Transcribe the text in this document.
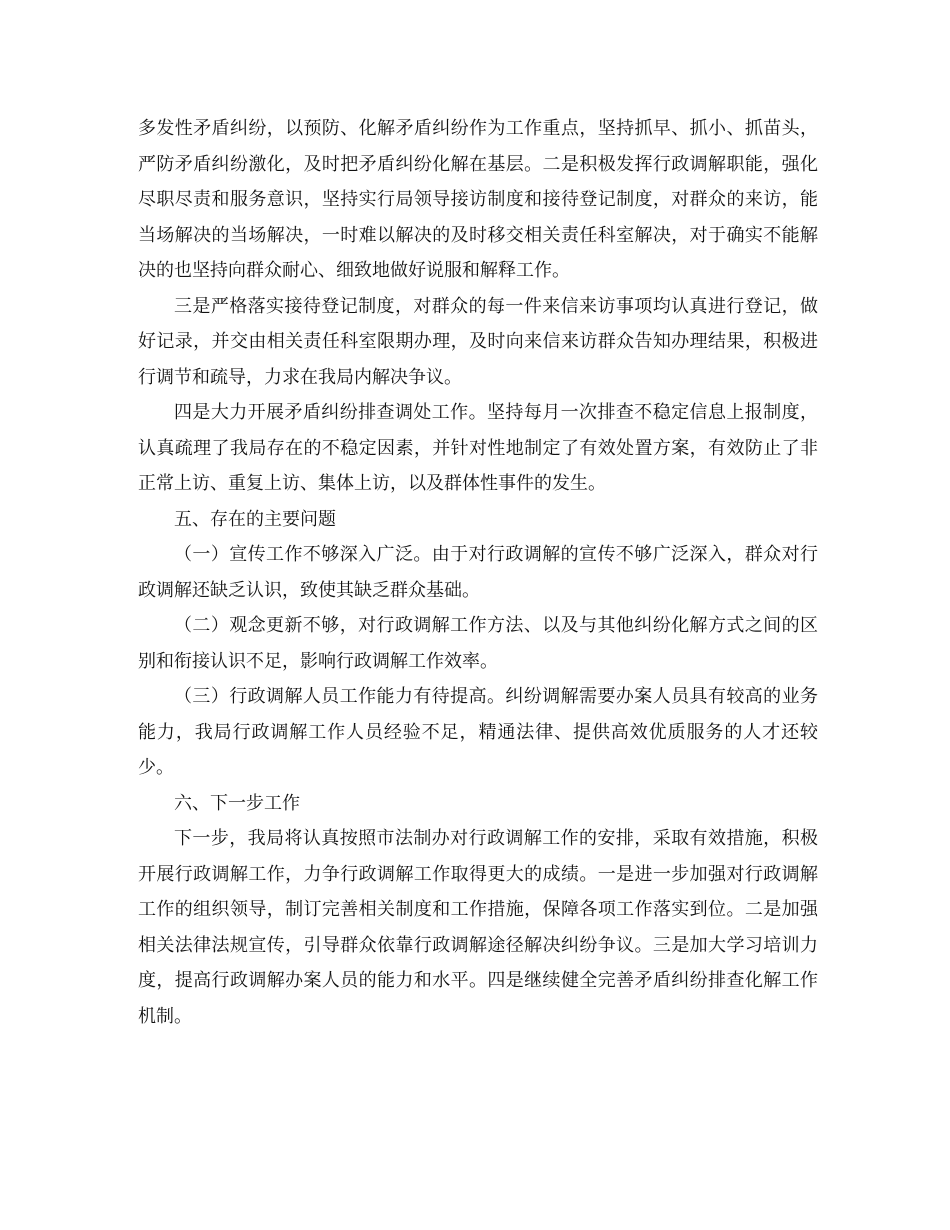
多发性矛盾纠纷，以预防、化解矛盾纠纷作为工作重点，坚持抓早、抓小、抓苗头，严防矛盾纠纷激化，及时把矛盾纠纷化解在基层。二是积极发挥行政调解职能，强化尽职尽责和服务意识，坚持实行局领导接访制度和接待登记制度，对群众的来访，能当场解决的当场解决，一时难以解决的及时移交相关责任科室解决，对于确实不能解决的也坚持向群众耐心、细致地做好说服和解释工作。

三是严格落实接待登记制度，对群众的每一件来信来访事项均认真进行登记，做好记录，并交由相关责任科室限期办理，及时向来信来访群众告知办理结果，积极进行调节和疏导，力求在我局内解决争议。

四是大力开展矛盾纠纷排查调处工作。坚持每月一次排查不稳定信息上报制度，认真疏理了我局存在的不稳定因素，并针对性地制定了有效处置方案，有效防止了非正常上访、重复上访、集体上访，以及群体性事件的发生。

五、存在的主要问题

（一）宣传工作不够深入广泛。由于对行政调解的宣传不够广泛深入，群众对行政调解还缺乏认识，致使其缺乏群众基础。

（二）观念更新不够，对行政调解工作方法、以及与其他纠纷化解方式之间的区别和衔接认识不足，影响行政调解工作效率。

（三）行政调解人员工作能力有待提高。纠纷调解需要办案人员具有较高的业务能力，我局行政调解工作人员经验不足，精通法律、提供高效优质服务的人才还较少。

六、下一步工作

下一步，我局将认真按照市法制办对行政调解工作的安排，采取有效措施，积极开展行政调解工作，力争行政调解工作取得更大的成绩。一是进一步加强对行政调解工作的组织领导，制订完善相关制度和工作措施，保障各项工作落实到位。二是加强相关法律法规宣传，引导群众依靠行政调解途径解决纠纷争议。三是加大学习培训力度，提高行政调解办案人员的能力和水平。四是继续健全完善矛盾纠纷排查化解工作机制。
